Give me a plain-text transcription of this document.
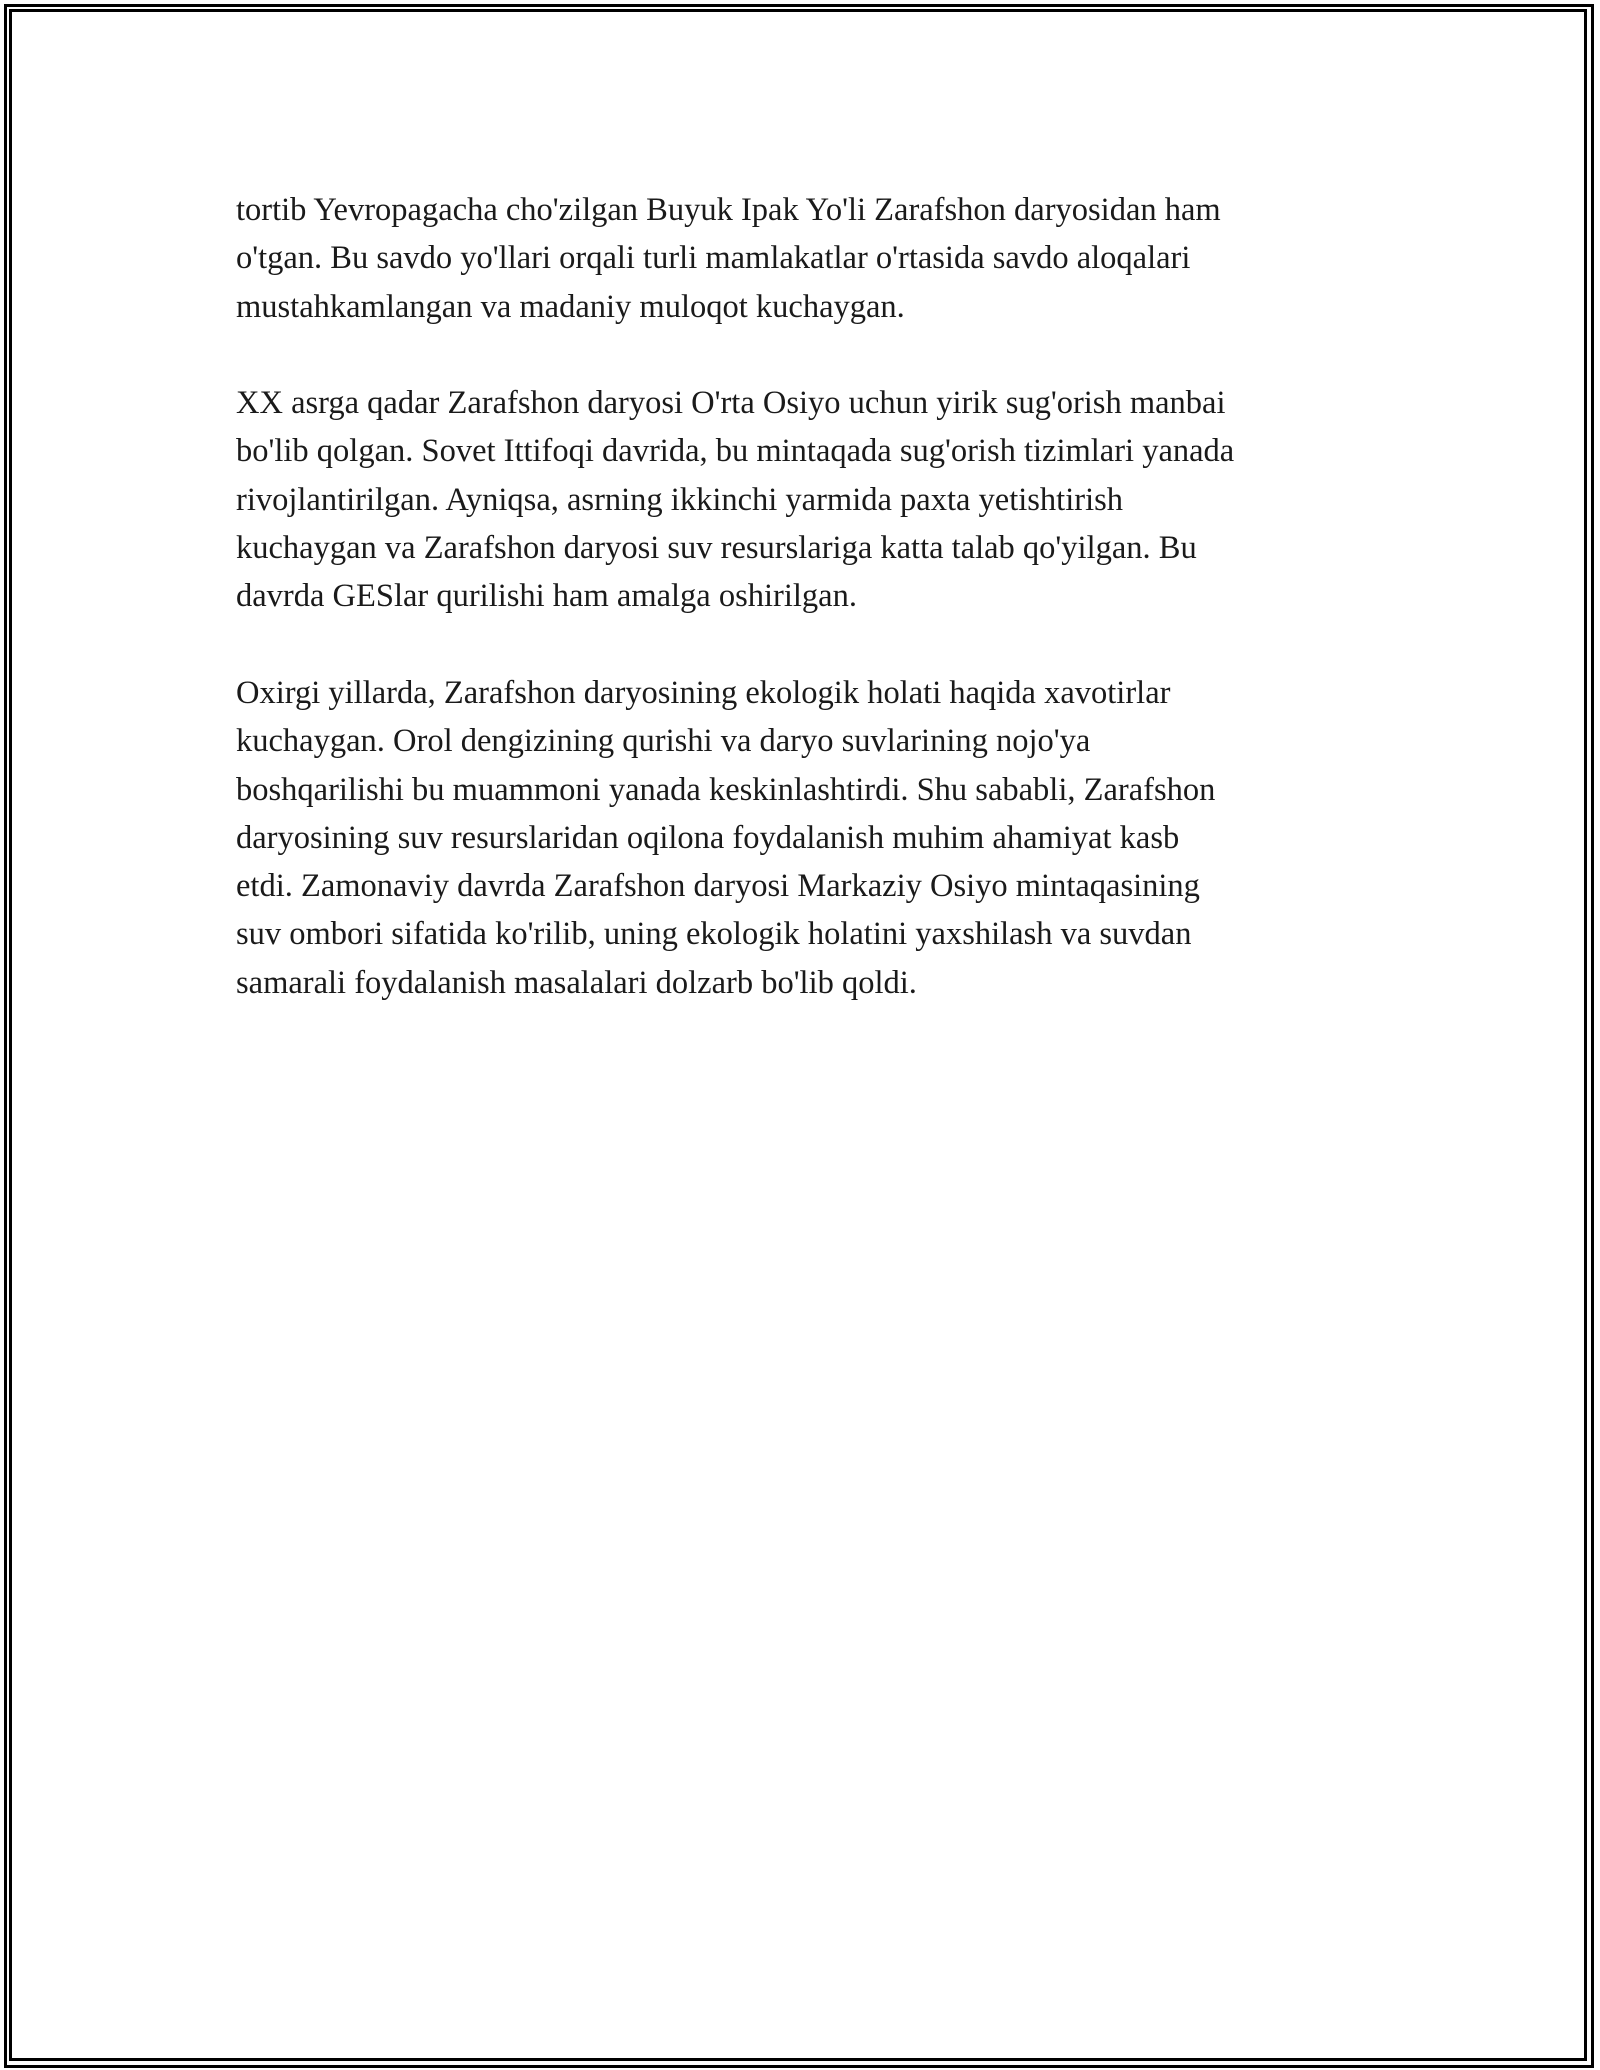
tortib Yevropagacha cho'zilgan Buyuk Ipak Yo'li Zarafshon daryosidan ham
o'tgan. Bu savdo yo'llari orqali turli mamlakatlar o'rtasida savdo aloqalari
mustahkamlangan va madaniy muloqot kuchaygan.

XX asrga qadar Zarafshon daryosi O'rta Osiyo uchun yirik sug'orish manbai
bo'lib qolgan. Sovet Ittifoqi davrida, bu mintaqada sug'orish tizimlari yanada
rivojlantirilgan. Ayniqsa, asrning ikkinchi yarmida paxta yetishtirish
kuchaygan va Zarafshon daryosi suv resurslariga katta talab qo'yilgan. Bu
davrda GESlar qurilishi ham amalga oshirilgan.

Oxirgi yillarda, Zarafshon daryosining ekologik holati haqida xavotirlar
kuchaygan. Orol dengizining qurishi va daryo suvlarining nojo'ya
boshqarilishi bu muammoni yanada keskinlashtirdi. Shu sababli, Zarafshon
daryosining suv resurslaridan oqilona foydalanish muhim ahamiyat kasb
etdi. Zamonaviy davrda Zarafshon daryosi Markaziy Osiyo mintaqasining
suv ombori sifatida ko'rilib, uning ekologik holatini yaxshilash va suvdan
samarali foydalanish masalalari dolzarb bo'lib qoldi.
